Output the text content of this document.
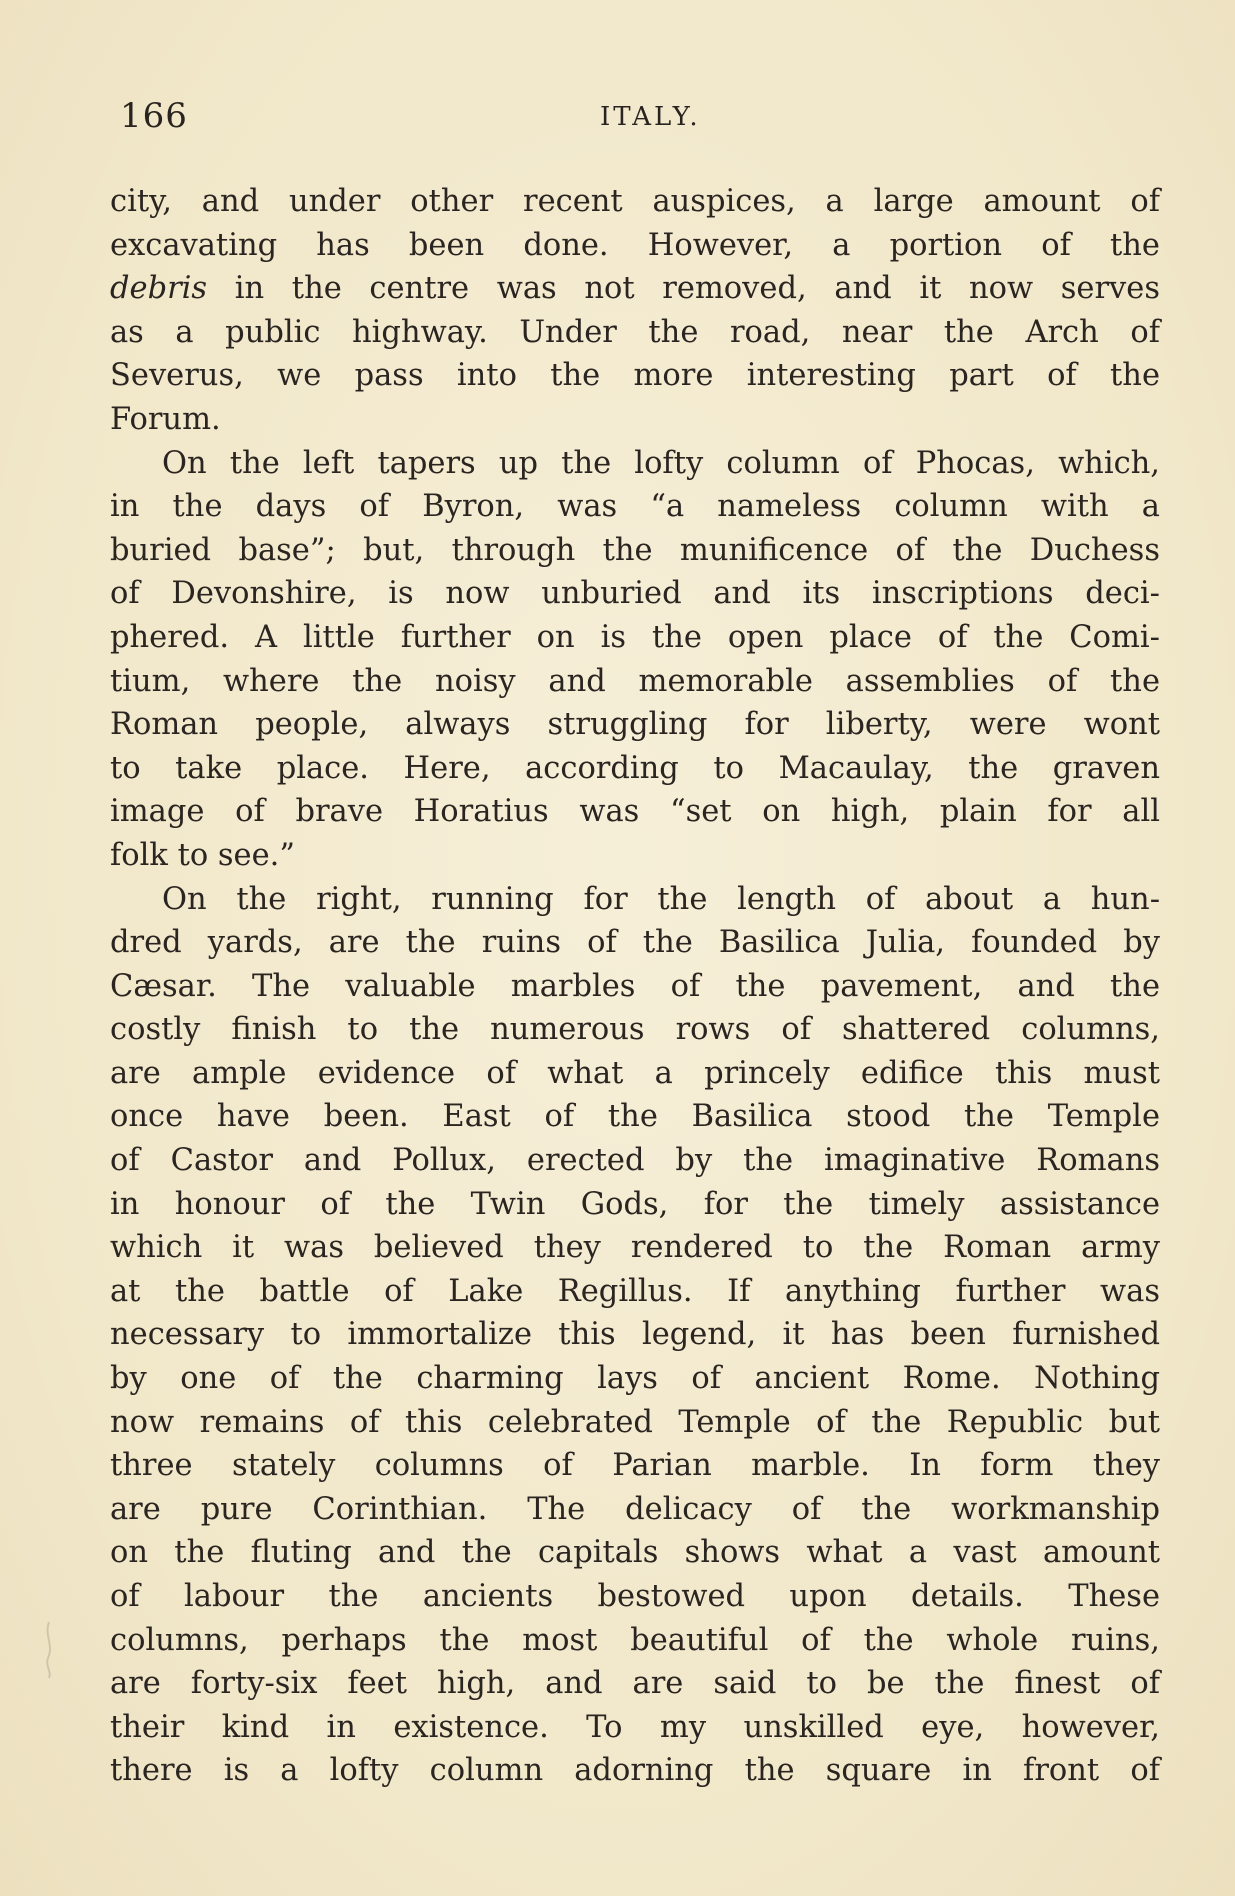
166	ITALY.
city, and under other recent auspices, a large amount of
excavating has been done. However, a portion of the
debris in the centre was not removed, and it now serves
as a public highway. Under the road, near the Arch of
Severus, we pass into the more interesting part of the
Forum.
On the left tapers up the lofty column of Phocas, which,
in the days of Byron, was “a nameless column with a
buried base”; but, through the munificence of the Duchess
of Devonshire, is now unburied and its inscriptions deci-
phered. A little further on is the open place of the Comi-
tium, where the noisy and memorable assemblies of the
Roman people, always struggling for liberty, were wont
to take place. Here, according to Macaulay, the graven
image of brave Horatius was “set on high, plain for all
folk to see.”
On the right, running for the length of about a hun-
dred yards, are the ruins of the Basilica Julia, founded by
Cæsar. The valuable marbles of the pavement, and the
costly finish to the numerous rows of shattered columns,
are ample evidence of what a princely edifice this must
once have been. East of the Basilica stood the Temple
of Castor and Pollux, erected by the imaginative Romans
in honour of the Twin Gods, for the timely assistance
which it was believed they rendered to the Roman army
at the battle of Lake Regillus. If anything further was
necessary to immortalize this legend, it has been furnished
by one of the charming lays of ancient Rome. Nothing
now remains of this celebrated Temple of the Republic but
three stately columns of Parian marble. In form they
are pure Corinthian. The delicacy of the workmanship
on the fluting and the capitals shows what a vast amount
of labour the ancients bestowed upon details. These
columns, perhaps the most beautiful of the whole ruins,
are forty-six feet high, and are said to be the finest of
their kind in existence. To my unskilled eye, however,
there is a lofty column adorning the square in front of
